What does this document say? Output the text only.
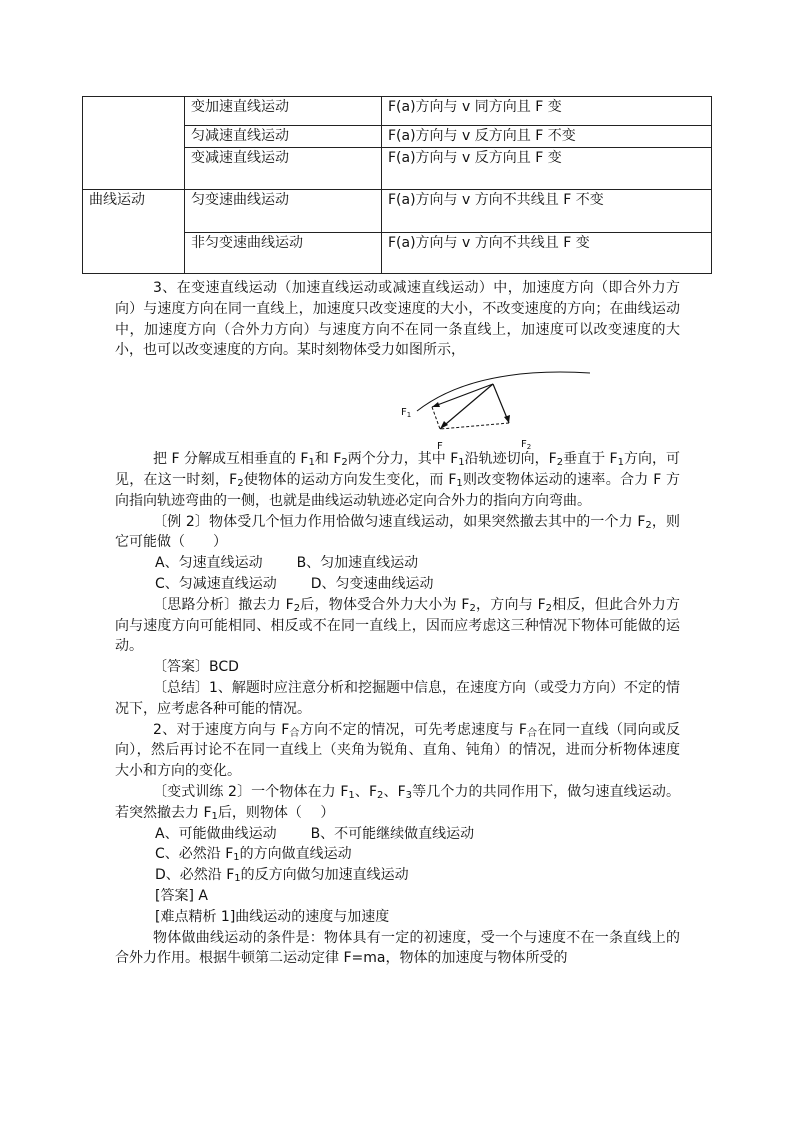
	变加速直线运动	F(a)方向与 v 同方向且 F 变
	匀减速直线运动	F(a)方向与 v 反方向且 F 不变
	变减速直线运动	F(a)方向与 v 反方向且 F 变
曲线运动	匀变速曲线运动	F(a)方向与 v 方向不共线且 F 不变
	非匀变速曲线运动	F(a)方向与 v 方向不共线且 F 变

3、在变速直线运动（加速直线运动或减速直线运动）中，加速度方向（即合外力方向）与速度方向在同一直线上，加速度只改变速度的大小，不改变速度的方向；在曲线运动中，加速度方向（合外力方向）与速度方向不在同一条直线上，加速度可以改变速度的大小，也可以改变速度的方向。某时刻物体受力如图所示，

$F_1$
$F_2$
F

把 F 分解成互相垂直的 $F_1$和 $F_2$两个分力，其中 $F_1$沿轨迹切向，$F_2$垂直于 $F_1$方向，可见，在这一时刻，$F_2$使物体的运动方向发生变化，而 $F_1$则改变物体运动的速率。合力 F 方向指向轨迹弯曲的一侧，也就是曲线运动轨迹必定向合外力的指向方向弯曲。

〔例 2〕物体受几个恒力作用恰做匀速直线运动，如果突然撤去其中的一个力 $F_2$，则它可能做（　　）

A、匀速直线运动 B、匀加速直线运动

C、匀减速直线运动 D、匀变速曲线运动

〔思路分析〕撤去力 $F_2$后，物体受合外力大小为 $F_2$，方向与 $F_2$相反，但此合外力方向与速度方向可能相同、相反或不在同一直线上，因而应考虑这三种情况下物体可能做的运动。

〔答案〕BCD

〔总结〕1、解题时应注意分析和挖掘题中信息，在速度方向（或受力方向）不定的情况下，应考虑各种可能的情况。

2、对于速度方向与 $F_合$方向不定的情况，可先考虑速度与 $F_合$在同一直线（同向或反向），然后再讨论不在同一直线上（夹角为锐角、直角、钝角）的情况，进而分析物体速度大小和方向的变化。

〔变式训练 2〕一个物体在力 $F_1$、$F_2$、$F_3$等几个力的共同作用下，做匀速直线运动。若突然撤去力 $F_1$后，则物体（　 ）

A、可能做曲线运动 B、不可能继续做直线运动

C、必然沿 $F_1$的方向做直线运动

D、必然沿 $F_1$的反方向做匀加速直线运动

[答案] A

[难点精析 1]曲线运动的速度与加速度

物体做曲线运动的条件是：物体具有一定的初速度，受一个与速度不在一条直线上的合外力作用。根据牛顿第二运动定律 F=ma，物体的加速度与物体所受的
